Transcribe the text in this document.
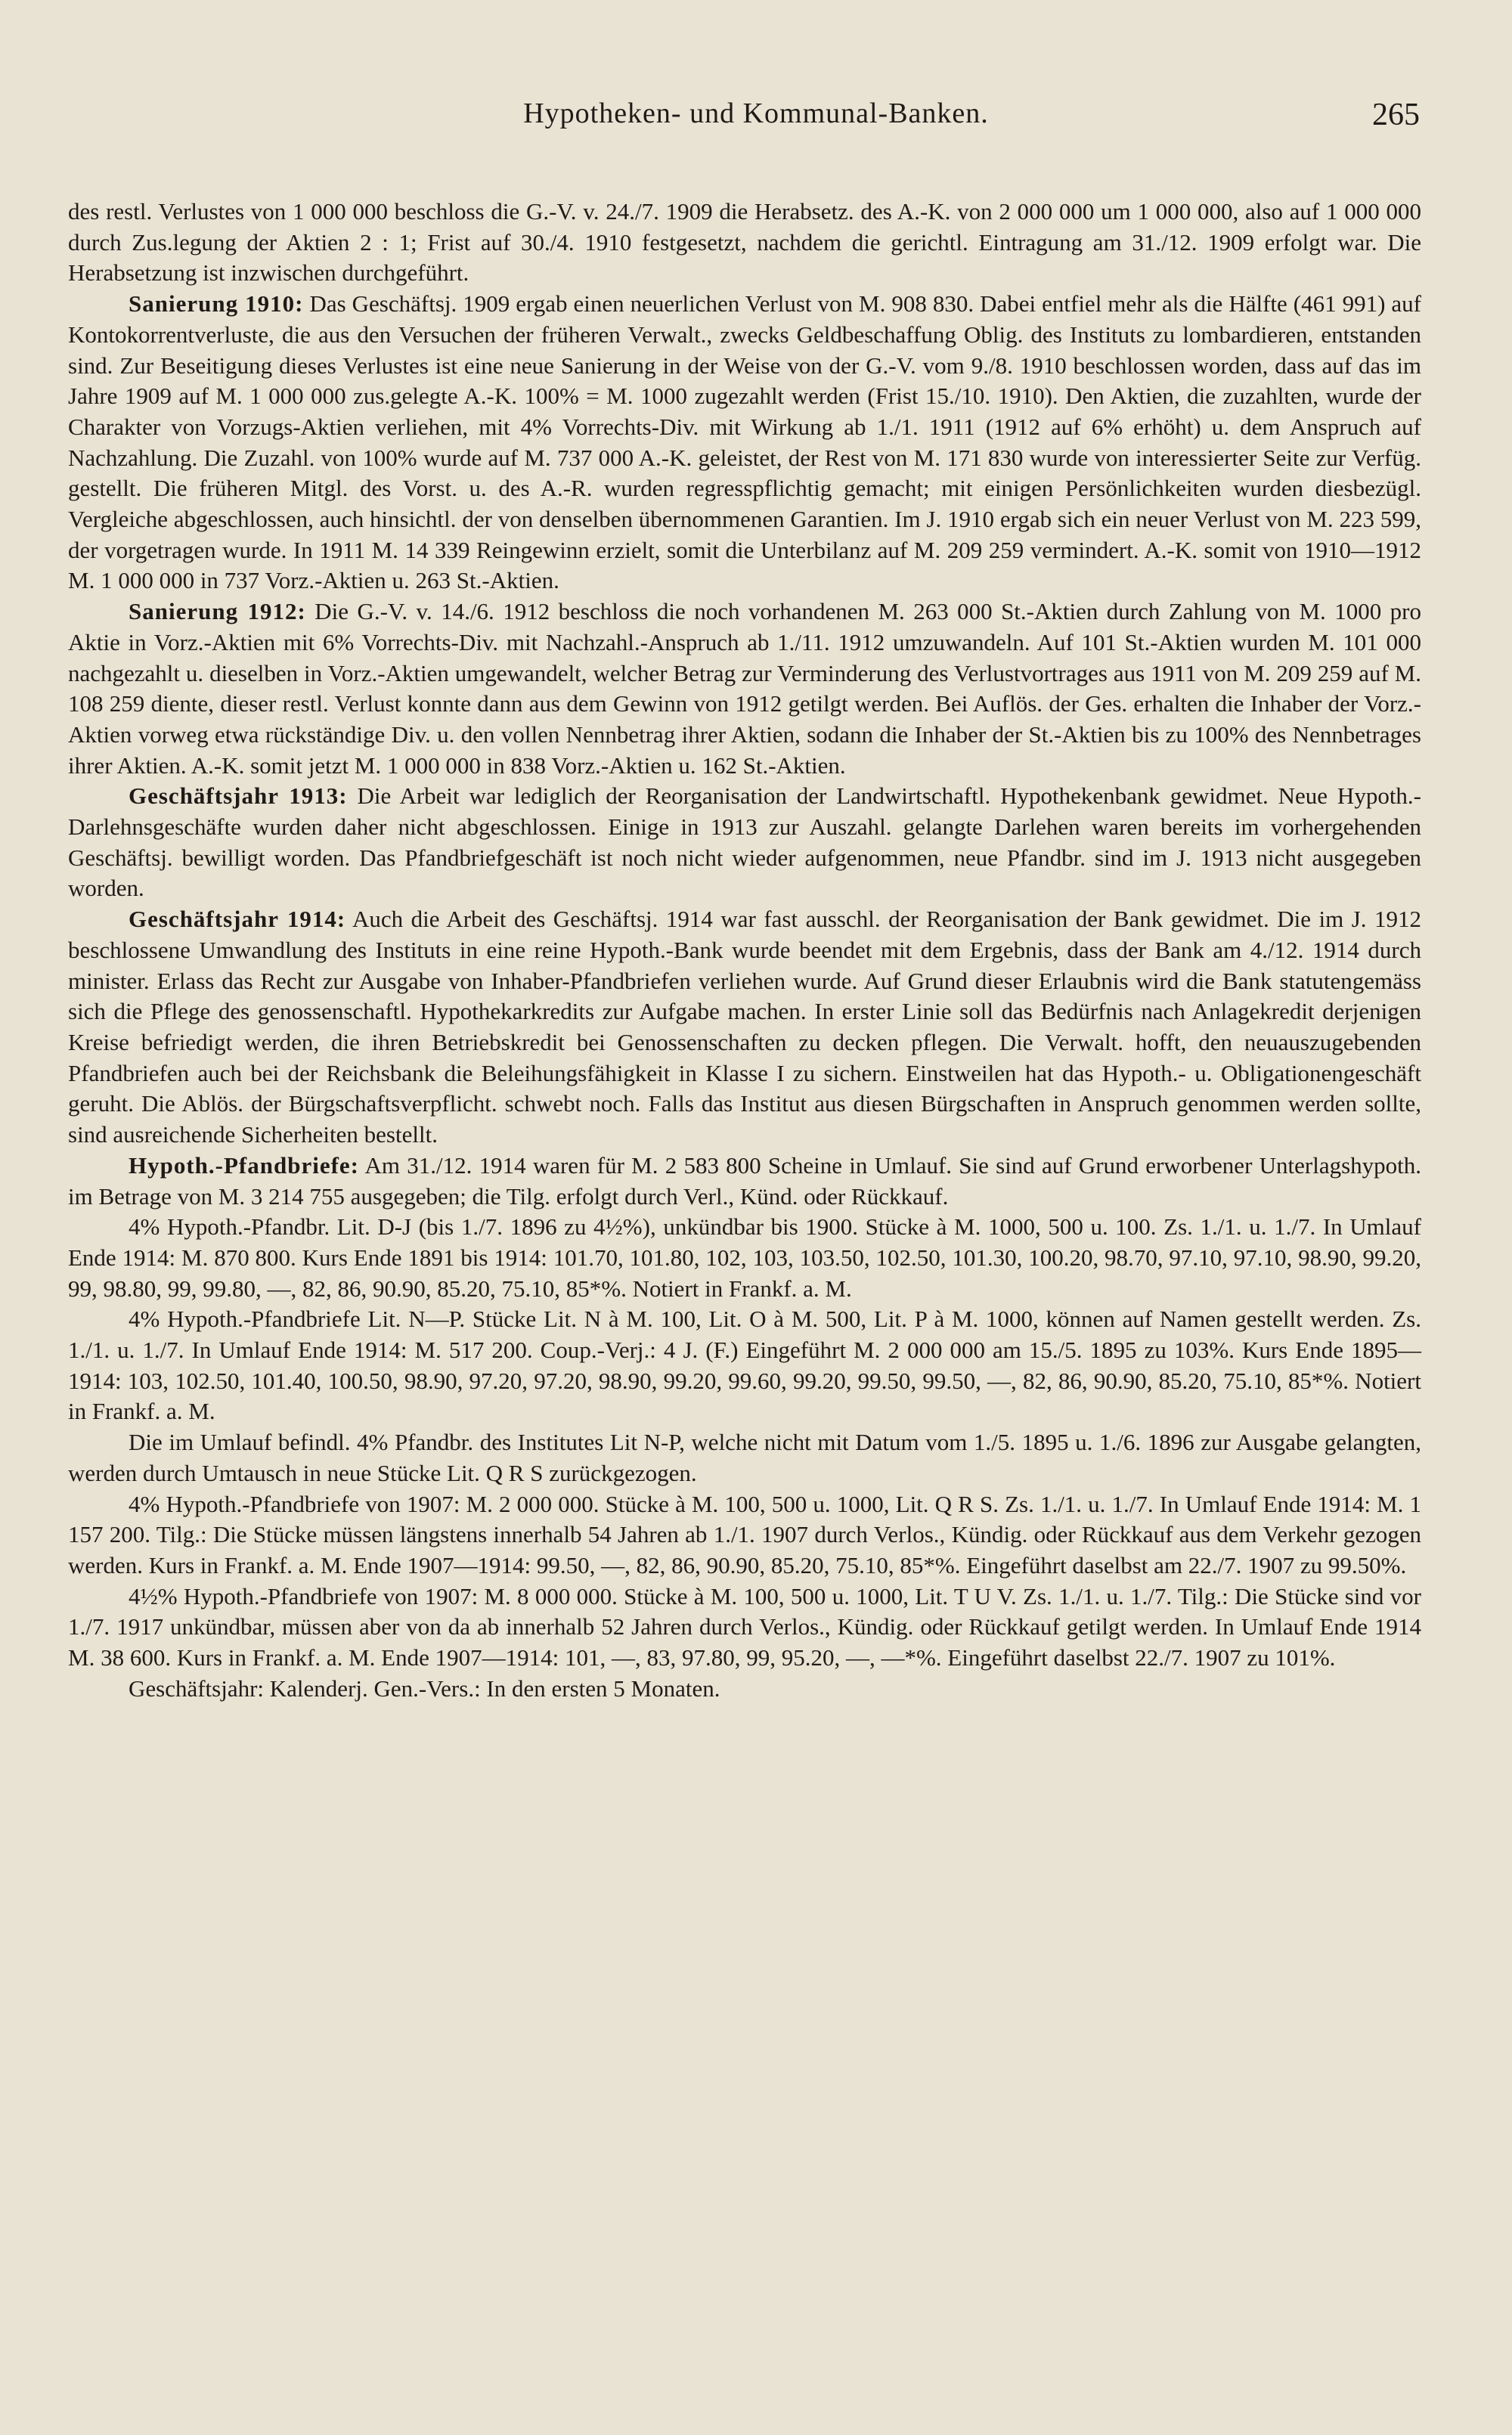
Hypotheken- und Kommunal-Banken.	265

des restl. Verlustes von 1 000 000 beschloss die G.-V. v. 24./7. 1909 die Herabsetz. des A.-K. von 2 000 000 um 1 000 000, also auf 1 000 000 durch Zus.legung der Aktien 2 : 1; Frist auf 30./4. 1910 festgesetzt, nachdem die gerichtl. Eintragung am 31./12. 1909 erfolgt war. Die Herabsetzung ist inzwischen durchgeführt.

Sanierung 1910: Das Geschäftsj. 1909 ergab einen neuerlichen Verlust von M. 908 830. Dabei entfiel mehr als die Hälfte (461 991) auf Kontokorrentverluste, die aus den Versuchen der früheren Verwalt., zwecks Geldbeschaffung Oblig. des Instituts zu lombardieren, entstanden sind. Zur Beseitigung dieses Verlustes ist eine neue Sanierung in der Weise von der G.-V. vom 9./8. 1910 beschlossen worden, dass auf das im Jahre 1909 auf M. 1 000 000 zus.gelegte A.-K. 100% = M. 1000 zugezahlt werden (Frist 15./10. 1910). Den Aktien, die zuzahlten, wurde der Charakter von Vorzugs-Aktien verliehen, mit 4% Vorrechts-Div. mit Wirkung ab 1./1. 1911 (1912 auf 6% erhöht) u. dem Anspruch auf Nachzahlung. Die Zuzahl. von 100% wurde auf M. 737 000 A.-K. geleistet, der Rest von M. 171 830 wurde von interessierter Seite zur Verfüg. gestellt. Die früheren Mitgl. des Vorst. u. des A.-R. wurden regresspflichtig gemacht; mit einigen Persönlichkeiten wurden diesbezügl. Vergleiche abgeschlossen, auch hinsichtl. der von denselben übernommenen Garantien. Im J. 1910 ergab sich ein neuer Verlust von M. 223 599, der vorgetragen wurde. In 1911 M. 14 339 Reingewinn erzielt, somit die Unterbilanz auf M. 209 259 vermindert. A.-K. somit von 1910—1912 M. 1 000 000 in 737 Vorz.-Aktien u. 263 St.-Aktien.

Sanierung 1912: Die G.-V. v. 14./6. 1912 beschloss die noch vorhandenen M. 263 000 St.-Aktien durch Zahlung von M. 1000 pro Aktie in Vorz.-Aktien mit 6% Vorrechts-Div. mit Nachzahl.-Anspruch ab 1./11. 1912 umzuwandeln. Auf 101 St.-Aktien wurden M. 101 000 nachgezahlt u. dieselben in Vorz.-Aktien umgewandelt, welcher Betrag zur Verminderung des Verlustvortrages aus 1911 von M. 209 259 auf M. 108 259 diente, dieser restl. Verlust konnte dann aus dem Gewinn von 1912 getilgt werden. Bei Auflös. der Ges. erhalten die Inhaber der Vorz.-Aktien vorweg etwa rückständige Div. u. den vollen Nennbetrag ihrer Aktien, sodann die Inhaber der St.-Aktien bis zu 100% des Nennbetrages ihrer Aktien. A.-K. somit jetzt M. 1 000 000 in 838 Vorz.-Aktien u. 162 St.-Aktien.

Geschäftsjahr 1913: Die Arbeit war lediglich der Reorganisation der Landwirtschaftl. Hypothekenbank gewidmet. Neue Hypoth.-Darlehnsgeschäfte wurden daher nicht abgeschlossen. Einige in 1913 zur Auszahl. gelangte Darlehen waren bereits im vorhergehenden Geschäftsj. bewilligt worden. Das Pfandbriefgeschäft ist noch nicht wieder aufgenommen, neue Pfandbr. sind im J. 1913 nicht ausgegeben worden.

Geschäftsjahr 1914: Auch die Arbeit des Geschäftsj. 1914 war fast ausschl. der Reorganisation der Bank gewidmet. Die im J. 1912 beschlossene Umwandlung des Instituts in eine reine Hypoth.-Bank wurde beendet mit dem Ergebnis, dass der Bank am 4./12. 1914 durch minister. Erlass das Recht zur Ausgabe von Inhaber-Pfandbriefen verliehen wurde. Auf Grund dieser Erlaubnis wird die Bank statutengemäss sich die Pflege des genossenschaftl. Hypothekarkredits zur Aufgabe machen. In erster Linie soll das Bedürfnis nach Anlagekredit derjenigen Kreise befriedigt werden, die ihren Betriebskredit bei Genossenschaften zu decken pflegen. Die Verwalt. hofft, den neuauszugebenden Pfandbriefen auch bei der Reichsbank die Beleihungsfähigkeit in Klasse I zu sichern. Einstweilen hat das Hypoth.- u. Obligationengeschäft geruht. Die Ablös. der Bürgschaftsverpflicht. schwebt noch. Falls das Institut aus diesen Bürgschaften in Anspruch genommen werden sollte, sind ausreichende Sicherheiten bestellt.

Hypoth.-Pfandbriefe: Am 31./12. 1914 waren für M. 2 583 800 Scheine in Umlauf. Sie sind auf Grund erworbener Unterlagshypoth. im Betrage von M. 3 214 755 ausgegeben; die Tilg. erfolgt durch Verl., Künd. oder Rückkauf.

4% Hypoth.-Pfandbr. Lit. D-J (bis 1./7. 1896 zu 4½%), unkündbar bis 1900. Stücke à M. 1000, 500 u. 100. Zs. 1./1. u. 1./7. In Umlauf Ende 1914: M. 870 800. Kurs Ende 1891 bis 1914: 101.70, 101.80, 102, 103, 103.50, 102.50, 101.30, 100.20, 98.70, 97.10, 97.10, 98.90, 99.20, 99, 98.80, 99, 99.80, —, 82, 86, 90.90, 85.20, 75.10, 85*%. Notiert in Frankf. a. M.

4% Hypoth.-Pfandbriefe Lit. N—P. Stücke Lit. N à M. 100, Lit. O à M. 500, Lit. P à M. 1000, können auf Namen gestellt werden. Zs. 1./1. u. 1./7. In Umlauf Ende 1914: M. 517 200. Coup.-Verj.: 4 J. (F.) Eingeführt M. 2 000 000 am 15./5. 1895 zu 103%. Kurs Ende 1895—1914: 103, 102.50, 101.40, 100.50, 98.90, 97.20, 97.20, 98.90, 99.20, 99.60, 99.20, 99.50, 99.50, —, 82, 86, 90.90, 85.20, 75.10, 85*%. Notiert in Frankf. a. M.

Die im Umlauf befindl. 4% Pfandbr. des Institutes Lit N-P, welche nicht mit Datum vom 1./5. 1895 u. 1./6. 1896 zur Ausgabe gelangten, werden durch Umtausch in neue Stücke Lit. Q R S zurückgezogen.

4% Hypoth.-Pfandbriefe von 1907: M. 2 000 000. Stücke à M. 100, 500 u. 1000, Lit. Q R S. Zs. 1./1. u. 1./7. In Umlauf Ende 1914: M. 1 157 200. Tilg.: Die Stücke müssen längstens innerhalb 54 Jahren ab 1./1. 1907 durch Verlos., Kündig. oder Rückkauf aus dem Verkehr gezogen werden. Kurs in Frankf. a. M. Ende 1907—1914: 99.50, —, 82, 86, 90.90, 85.20, 75.10, 85*%. Eingeführt daselbst am 22./7. 1907 zu 99.50%.

4½% Hypoth.-Pfandbriefe von 1907: M. 8 000 000. Stücke à M. 100, 500 u. 1000, Lit. T U V. Zs. 1./1. u. 1./7. Tilg.: Die Stücke sind vor 1./7. 1917 unkündbar, müssen aber von da ab innerhalb 52 Jahren durch Verlos., Kündig. oder Rückkauf getilgt werden. In Umlauf Ende 1914 M. 38 600. Kurs in Frankf. a. M. Ende 1907—1914: 101, —, 83, 97.80, 99, 95.20, —, —*%. Eingeführt daselbst 22./7. 1907 zu 101%.

Geschäftsjahr: Kalenderj. Gen.-Vers.: In den ersten 5 Monaten.
